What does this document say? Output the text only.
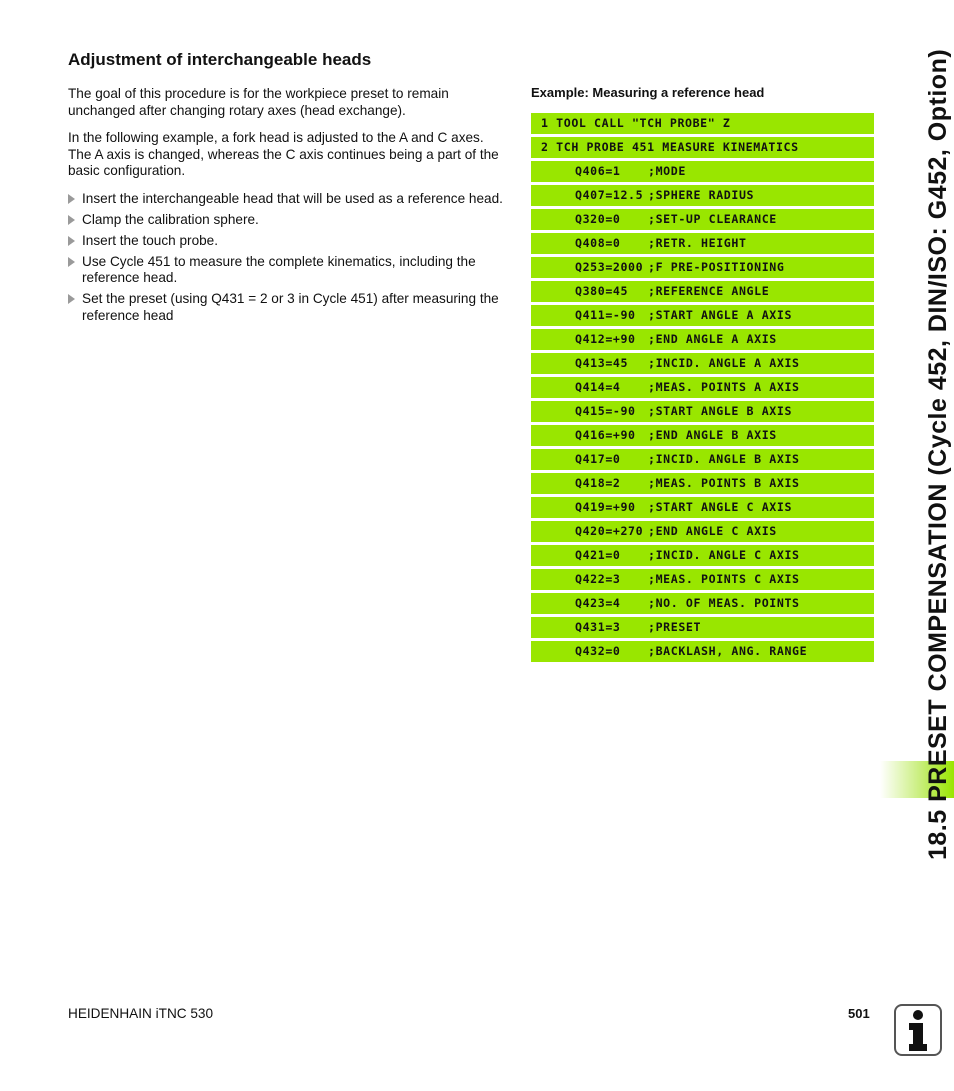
Adjustment of interchangeable heads

The goal of this procedure is for the workpiece preset to remain unchanged after changing rotary axes (head exchange).

In the following example, a fork head is adjusted to the A and C axes. The A axis is changed, whereas the C axis continues being a part of the basic configuration.

Insert the interchangeable head that will be used as a reference head.
Clamp the calibration sphere.
Insert the touch probe.
Use Cycle 451 to measure the complete kinematics, including the reference head.
Set the preset (using Q431 = 2 or 3 in Cycle 451) after measuring the reference head

Example: Measuring a reference head

1 TOOL CALL "TCH PROBE" Z
2 TCH PROBE 451 MEASURE KINEMATICS
Q406=1 ;MODE
Q407=12.5 ;SPHERE RADIUS
Q320=0 ;SET-UP CLEARANCE
Q408=0 ;RETR. HEIGHT
Q253=2000 ;F PRE-POSITIONING
Q380=45 ;REFERENCE ANGLE
Q411=-90 ;START ANGLE A AXIS
Q412=+90 ;END ANGLE A AXIS
Q413=45 ;INCID. ANGLE A AXIS
Q414=4 ;MEAS. POINTS A AXIS
Q415=-90 ;START ANGLE B AXIS
Q416=+90 ;END ANGLE B AXIS
Q417=0 ;INCID. ANGLE B AXIS
Q418=2 ;MEAS. POINTS B AXIS
Q419=+90 ;START ANGLE C AXIS
Q420=+270 ;END ANGLE C AXIS
Q421=0 ;INCID. ANGLE C AXIS
Q422=3 ;MEAS. POINTS C AXIS
Q423=4 ;NO. OF MEAS. POINTS
Q431=3 ;PRESET
Q432=0 ;BACKLASH, ANG. RANGE	18.5 PRESET COMPENSATION (Cycle 452, DIN/ISO: G452, Option)
HEIDENHAIN iTNC 530	501
